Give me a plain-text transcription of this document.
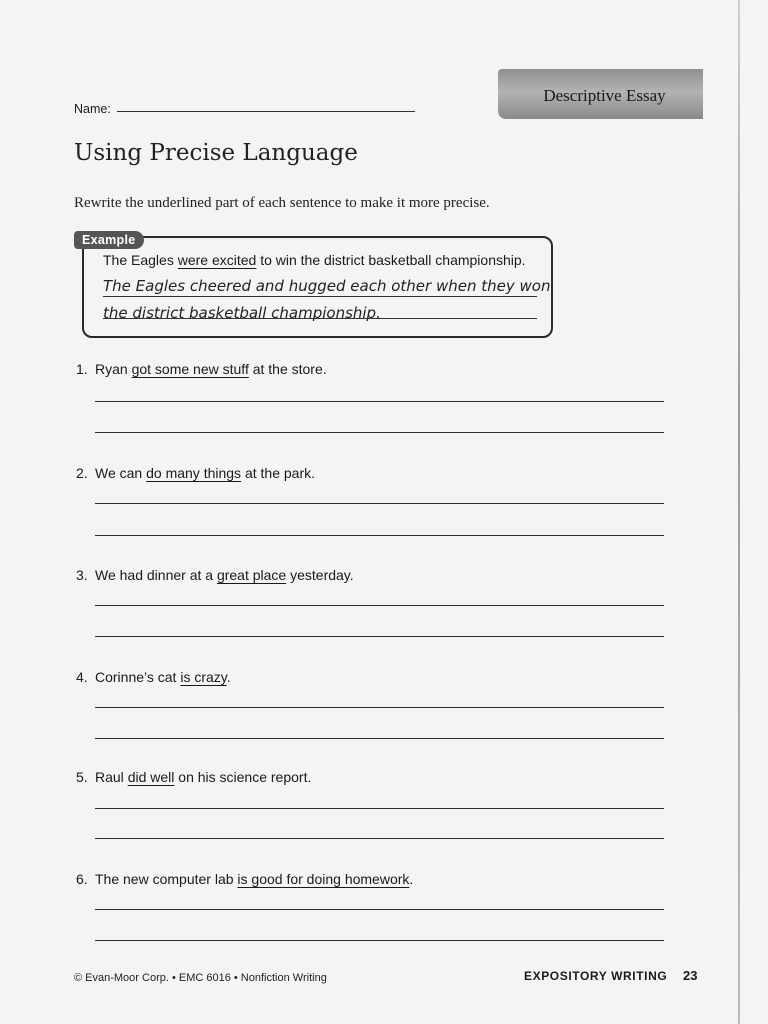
Name:
Descriptive Essay
Using Precise Language
Rewrite the underlined part of each sentence to make it more precise.
Example
The Eagles were excited to win the district basketball championship.
The Eagles cheered and hugged each other when they won
the district basketball championship.
1. Ryan got some new stuff at the store.
2. We can do many things at the park.
3. We had dinner at a great place yesterday.
4. Corinne’s cat is crazy.
5. Raul did well on his science report.
6. The new computer lab is good for doing homework.
© Evan-Moor Corp. • EMC 6016 • Nonfiction Writing	EXPOSITORY WRITING 23
